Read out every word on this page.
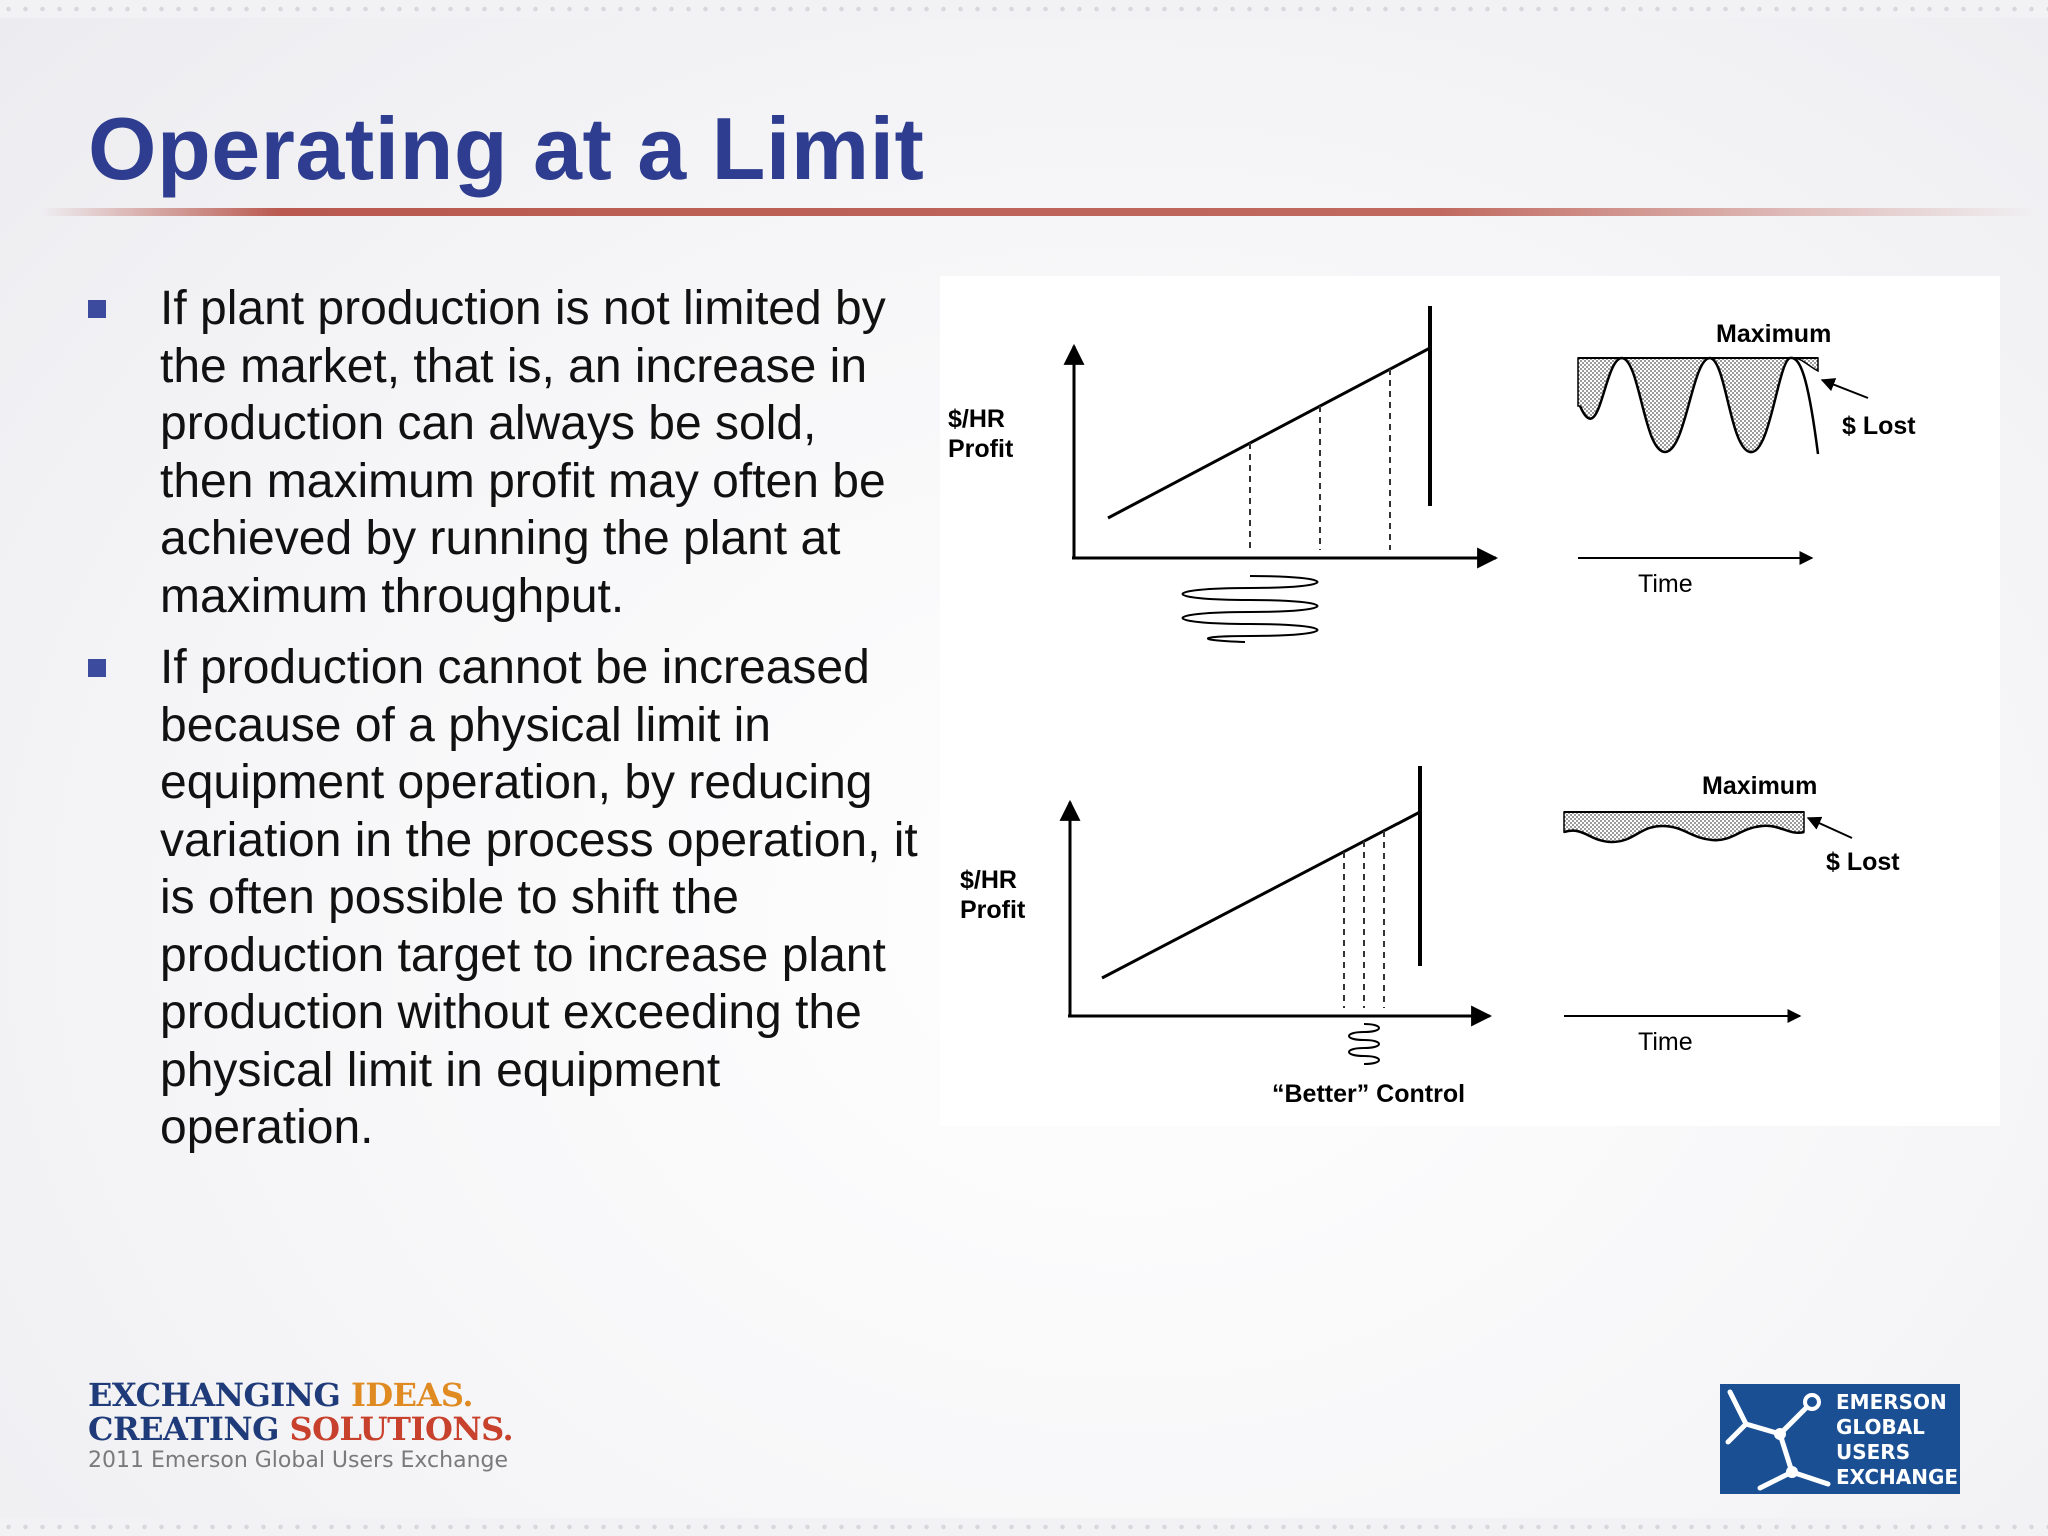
Operating at a Limit
If plant production is not limited by the market, that is, an increase in production can always be sold, then maximum profit may often be achieved by running the plant at maximum throughput.
If production cannot be increased because of a physical limit in equipment operation, by reducing variation in the process operation, it is often possible to shift the production target to increase plant production without exceeding the physical limit in equipment operation.
$/HR
Profit
Maximum
$ Lost
Time
$/HR
Profit
“Better” Control
Maximum
$ Lost
Time
EXCHANGING IDEAS.
CREATING SOLUTIONS.
2011 Emerson Global Users Exchange
EMERSON
GLOBAL
USERS
EXCHANGE
